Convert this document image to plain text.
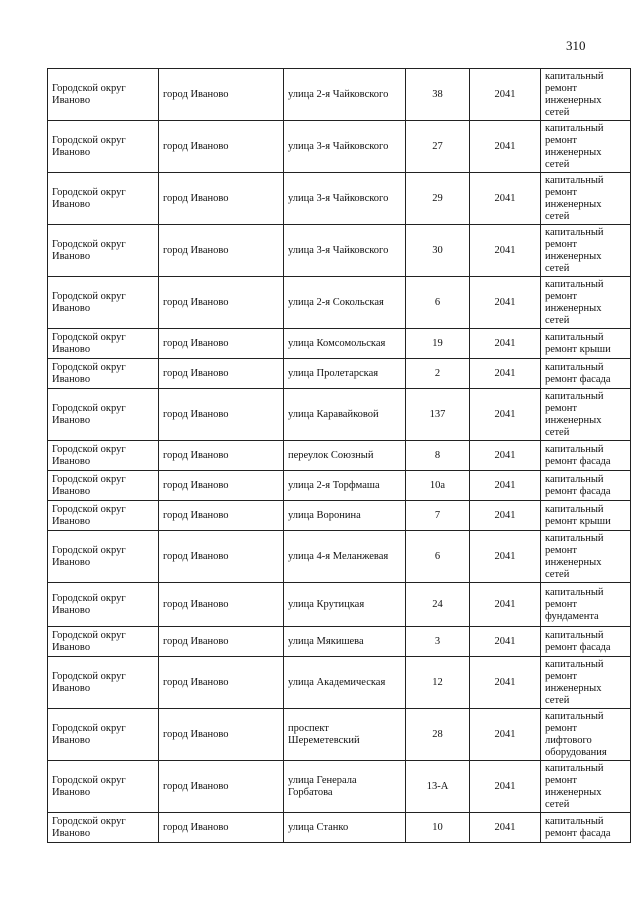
310
Городской округ Иваново	город Иваново	улица 2-я Чайковского	38	2041	капитальный ремонт инженерных сетей
Городской округ Иваново	город Иваново	улица 3-я Чайковского	27	2041	капитальный ремонт инженерных сетей
Городской округ Иваново	город Иваново	улица 3-я Чайковского	29	2041	капитальный ремонт инженерных сетей
Городской округ Иваново	город Иваново	улица 3-я Чайковского	30	2041	капитальный ремонт инженерных сетей
Городской округ Иваново	город Иваново	улица 2-я Сокольская	6	2041	капитальный ремонт инженерных сетей
Городской округ Иваново	город Иваново	улица Комсомольская	19	2041	капитальный ремонт крыши
Городской округ Иваново	город Иваново	улица Пролетарская	2	2041	капитальный ремонт фасада
Городской округ Иваново	город Иваново	улица Каравайковой	137	2041	капитальный ремонт инженерных сетей
Городской округ Иваново	город Иваново	переулок Союзный	8	2041	капитальный ремонт фасада
Городской округ Иваново	город Иваново	улица 2-я Торфмаша	10а	2041	капитальный ремонт фасада
Городской округ Иваново	город Иваново	улица Воронина	7	2041	капитальный ремонт крыши
Городской округ Иваново	город Иваново	улица 4-я Меланжевая	6	2041	капитальный ремонт инженерных сетей
Городской округ Иваново	город Иваново	улица Крутицкая	24	2041	капитальный ремонт фундамента
Городской округ Иваново	город Иваново	улица Мякишева	3	2041	капитальный ремонт фасада
Городской округ Иваново	город Иваново	улица Академическая	12	2041	капитальный ремонт инженерных сетей
Городской округ Иваново	город Иваново	проспект Шереметевский	28	2041	капитальный ремонт лифтового оборудования
Городской округ Иваново	город Иваново	улица Генерала Горбатова	13-А	2041	капитальный ремонт инженерных сетей
Городской округ Иваново	город Иваново	улица Станко	10	2041	капитальный ремонт фасада
